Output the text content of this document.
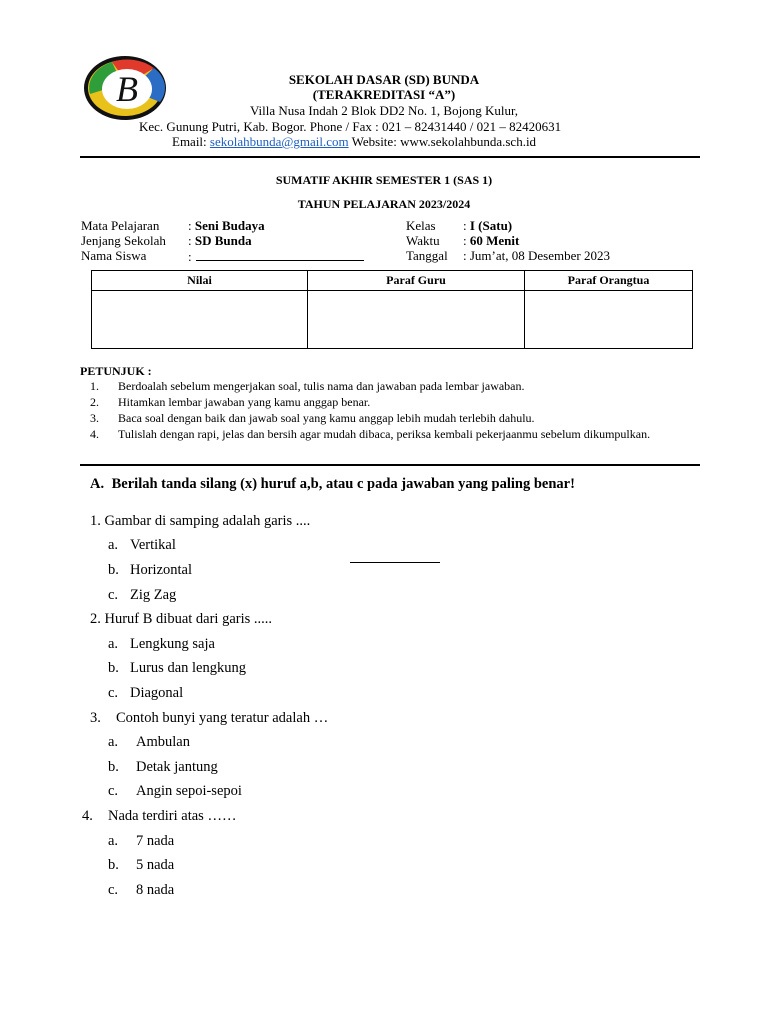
B	SEKOLAH DASAR (SD) BUNDA
(TERAKREDITASI “A”)
Villa Nusa Indah 2 Blok DD2 No. 1, Bojong Kulur,
Kec. Gunung Putri, Kab. Bogor. Phone / Fax : 021 – 82431440 / 021 – 82420631
Email: sekolahbunda@gmail.com Website: www.sekolahbunda.sch.id
SUMATIF AKHIR SEMESTER 1 (SAS 1)
TAHUN PELAJARAN 2023/2024
Mata Pelajaran : Seni Budaya
Jenjang Sekolah : SD Bunda
Nama Siswa	:
Kelas : I (Satu)
Waktu : 60 Menit
Tanggal : Jum’at, 08 Desember 2023
Nilai	Paraf Guru	Paraf Orangtua

PETUNJUK :
1. Berdoalah sebelum mengerjakan soal, tulis nama dan jawaban pada lembar jawaban.
2. Hitamkan lembar jawaban yang kamu anggap benar.
3. Baca soal dengan baik dan jawab soal yang kamu anggap lebih mudah terlebih dahulu.
4. Tulislah dengan rapi, jelas dan bersih agar mudah dibaca, periksa kembali pekerjaanmu sebelum dikumpulkan.
A. Berilah tanda silang (x) huruf a,b, atau c pada jawaban yang paling benar!
1. Gambar di samping adalah garis ....
a. Vertikal
b. Horizontal
c. Zig Zag
2. Huruf B dibuat dari garis .....
a. Lengkung saja
b. Lurus dan lengkung
c. Diagonal
3. Contoh bunyi yang teratur adalah …
a. Ambulan
b. Detak jantung
c. Angin sepoi-sepoi
4. Nada terdiri atas ……
a. 7 nada
b. 5 nada
c. 8 nada
